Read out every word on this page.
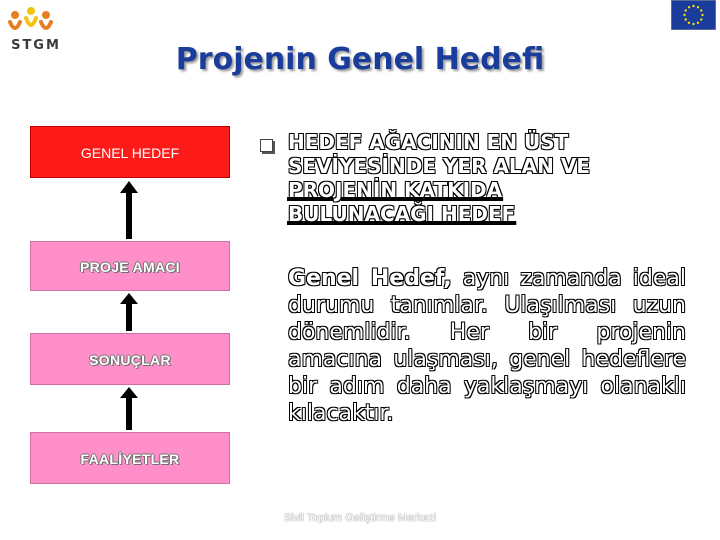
STGM	Projenin Genel Hedefi
GENEL HEDEF
PROJE AMACI
SONUÇLAR
FAALİYETLER
HEDEF AĞACININ EN ÜST
SEVİYESİNDE YER ALAN VE
PROJENİN KATKIDA
BULUNACAĞI HEDEF
Genel Hedef, aynı zamanda ideal durumu tanımlar. Ulaşılması uzun dönemlidir. Her bir projenin amacına ulaşması, genel hedeflere bir adım daha yaklaşmayı olanaklı kılacaktır.
Sivil Toplum Geliştirme Merkezi
